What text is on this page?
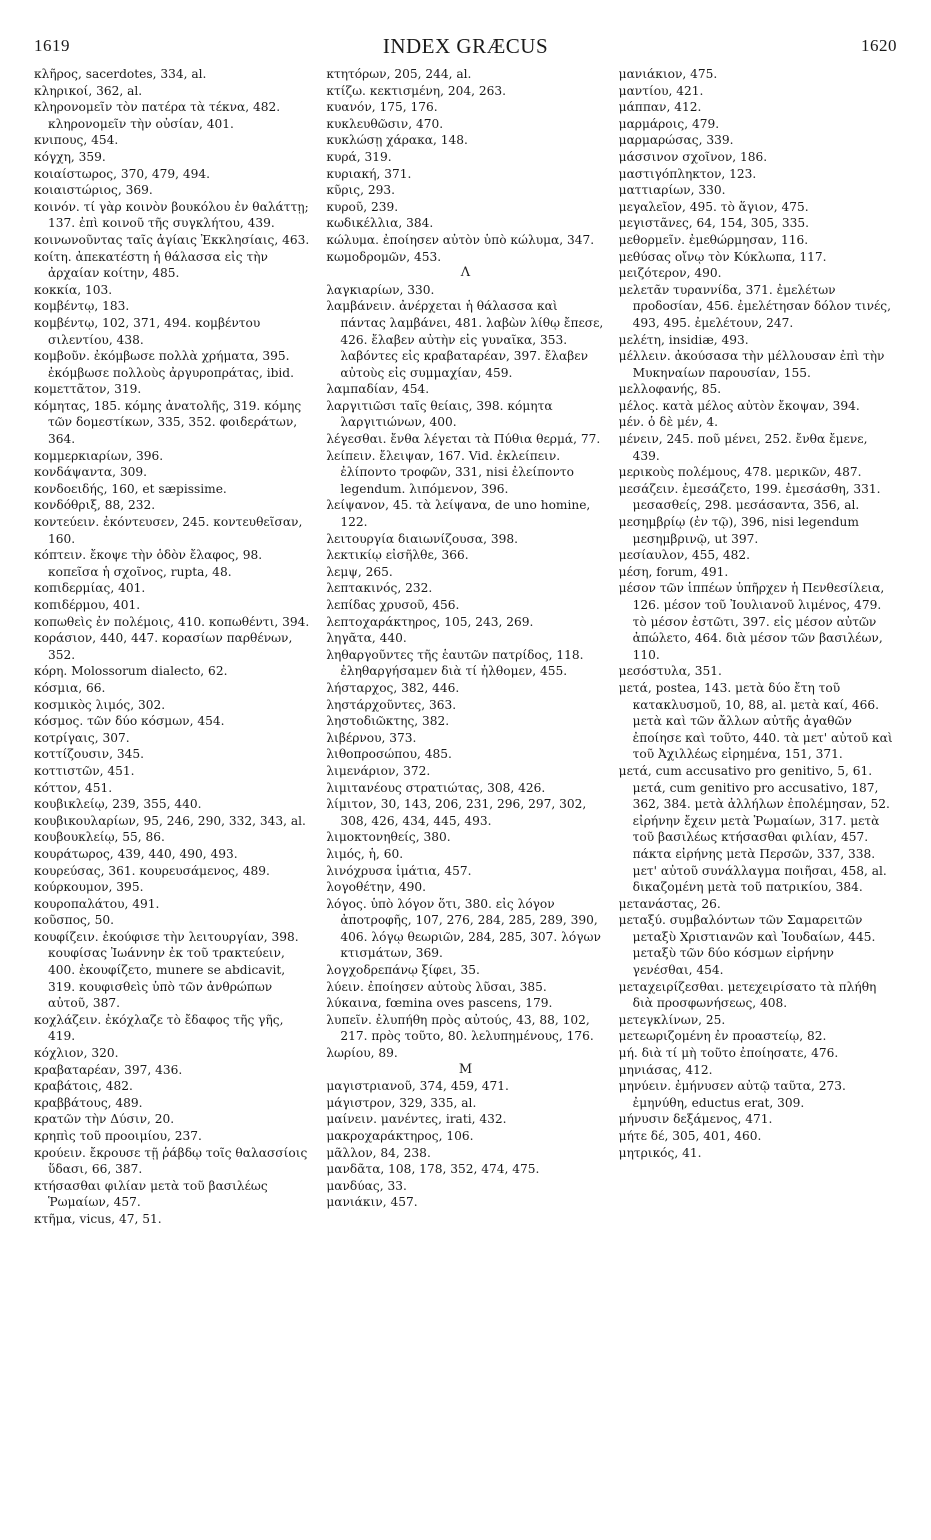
1619	INDEX GRÆCUS	1620

κλῆρος, sacerdotes, 334, al.

κληρικοί, 362, al.

κληρονομεῖν τὸν πατέρα τὰ τέκνα, 482. κληρονομεῖν τὴν οὐσίαν, 401.

κνιπους, 454.

κόγχη, 359.

κοιαίστωρος, 370, 479, 494.

κοιαιστώριος, 369.

κοινόν. τί γὰρ κοινὸν βουκόλου ἐν θαλάττῃ; 137. ἐπὶ κοινοῦ τῆς συγκλήτου, 439.

κοινωνοῦντας ταῖς ἁγίαις Ἐκκλησίαις, 463.

κοίτη. ἀπεκατέστη ἡ θάλασσα εἰς τὴν ἀρχαίαν κοίτην, 485.

κοκκία, 103.

κομβέντῳ, 183.

κομβέντῳ, 102, 371, 494. κομβέντου σιλεντίου, 438.

κομβοῦν. ἐκόμβωσε πολλὰ χρήματα, 395. ἐκόμβωσε πολλοὺς ἀργυροπράτας, ibid.

κομεττᾶτον, 319.

κόμητας, 185. κόμης ἀνατολῆς, 319. κόμης τῶν δομεστίκων, 335, 352. φοιδεράτων, 364.

κομμερκιαρίων, 396.

κονδάψαντα, 309.

κονδοειδής, 160, et sæpissime.

κονδόθριξ, 88, 232.

κοντεύειν. ἐκόντευσεν, 245. κοντευθεῖσαν, 160.

κόπτειν. ἔκοψε τὴν ὁδὸν ἔλαφος, 98. κοπεῖσα ἡ σχοῖνος, rupta, 48.

κοπιδερμίας, 401.

κοπιδέρμου, 401.

κοπωθεὶς ἐν πολέμοις, 410. κοπωθέντι, 394.

κοράσιον, 440, 447. κορασίων παρθένων, 352.

κόρη. Molossorum dialecto, 62.

κόσμια, 66.

κοσμικὸς λιμός, 302.

κόσμος. τῶν δύο κόσμων, 454.

κοτρίγαις, 307.

κοττίζουσιν, 345.

κοττιστῶν, 451.

κόττον, 451.

κουβικλείῳ, 239, 355, 440.

κουβικουλαρίων, 95, 246, 290, 332, 343, al.

κουβουκλείῳ, 55, 86.

κουράτωρος, 439, 440, 490, 493.

κουρεύσας, 361. κουρευσάμενος, 489.

κούρκουμον, 395.

κουροπαλάτου, 491.

κοῦσπος, 50.

κουφίζειν. ἐκούφισε τὴν λειτουργίαν, 398. κουφίσας Ἰωάννην ἐκ τοῦ τρακτεύειν, 400. ἐκουφίζετο, munere se abdicavit, 319. κουφισθεὶς ὑπὸ τῶν ἀνθρώπων αὐτοῦ, 387.

κοχλάζειν. ἐκόχλαζε τὸ ἔδαφος τῆς γῆς, 419.

κόχλιον, 320.

κραβαταρέαν, 397, 436.

κραβάτοις, 482.

κραββάτους, 489.

κρατῶν τὴν Δύσιν, 20.

κρηπὶς τοῦ προοιμίου, 237.

κρούειν. ἔκρουσε τῇ ῥάβδῳ τοῖς θαλασσίοις ὕδασι, 66, 387.

κτήσασθαι φιλίαν μετὰ τοῦ βασιλέως Ῥωμαίων, 457.

κτῆμα, vicus, 47, 51.

κτητόρων, 205, 244, al.

κτίζω. κεκτισμένη, 204, 263.

κυανόν, 175, 176.

κυκλευθῶσιν, 470.

κυκλώσῃ χάρακα, 148.

κυρά, 319.

κυριακή, 371.

κῦρις, 293.

κυροῦ, 239.

κωδικέλλια, 384.

κώλυμα. ἐποίησεν αὐτὸν ὑπὸ κώλυμα, 347.

κωμοδρομῶν, 453.

Λ

λαγκιαρίων, 330.

λαμβάνειν. ἀνέρχεται ἡ θάλασσα καὶ πάντας λαμβάνει, 481. λαβὼν λίθῳ ἔπεσε, 426. ἔλαβεν αὐτὴν εἰς γυναῖκα, 353. λαβόντες εἰς κραβαταρέαν, 397. ἔλαβεν αὐτοὺς εἰς συμμαχίαν, 459.

λαμπαδίαν, 454.

λαργιτιῶσι ταῖς θείαις, 398. κόμητα λαργιτιώνων, 400.

λέγεσθαι. ἔνθα λέγεται τὰ Πύθια θερμά, 77.

λείπειν. ἔλειψαν, 167. Vid. ἐκλείπειν. ἐλίποντο τροφῶν, 331, nisi ἐλείποντο legendum. λιπόμενον, 396.

λείψανον, 45. τὰ λείψανα, de uno homine, 122.

λειτουργία διαιωνίζουσα, 398.

λεκτικίῳ εἰσῆλθε, 366.

λεμψ, 265.

λεπτακινός, 232.

λεπίδας χρυσοῦ, 456.

λεπτοχαράκτηρος, 105, 243, 269.

ληγᾶτα, 440.

ληθαργοῦντες τῆς ἑαυτῶν πατρίδος, 118. ἐληθαργήσαμεν διὰ τί ἠλθομεν, 455.

λήσταρχος, 382, 446.

ληστάρχοῦντες, 363.

ληστοδιῶκτης, 382.

λιβέρνου, 373.

λιθοπροσώπου, 485.

λιμενάριον, 372.

λιμιτανέους στρατιώτας, 308, 426.

λίμιτον, 30, 143, 206, 231, 296, 297, 302, 308, 426, 434, 445, 493.

λιμοκτονηθείς, 380.

λιμός, ἡ, 60.

λινόχρυσα ἱμάτια, 457.

λογοθέτην, 490.

λόγος. ὑπὸ λόγον ὅτι, 380. εἰς λόγον ἀποτροφῆς, 107, 276, 284, 285, 289, 390, 406. λόγῳ θεωριῶν, 284, 285, 307. λόγων κτισμάτων, 369.

λογχοδρεπάνῳ ξίφει, 35.

λύειν. ἐποίησεν αὐτοὺς λῦσαι, 385.

λύκαινα, fœmina oves pascens, 179.

λυπεῖν. ἐλυπήθη πρὸς αὐτούς, 43, 88, 102, 217. πρὸς τοῦτο, 80. λελυπημένους, 176.

λωρίου, 89.

Μ

μαγιστριανοῦ, 374, 459, 471.

μάγιστρον, 329, 335, al.

μαίνειν. μανέντες, irati, 432.

μακροχαράκτηρος, 106.

μᾶλλον, 84, 238.

μανδᾶτα, 108, 178, 352, 474, 475.

μανδύας, 33.

μανιάκιν, 457.

μανιάκιον, 475.

μαντίου, 421.

μάππαν, 412.

μαρμάροις, 479.

μαρμαρώσας, 339.

μάσσινον σχοῖνον, 186.

μαστιγόπληκτον, 123.

ματτιαρίων, 330.

μεγαλεῖον, 495. τὸ ἅγιον, 475.

μεγιστᾶνες, 64, 154, 305, 335.

μεθορμεῖν. ἐμεθώρμησαν, 116.

μεθύσας οἴνῳ τὸν Κύκλωπα, 117.

μειζότερον, 490.

μελετᾶν τυραννίδα, 371. ἐμελέτων προδοσίαν, 456. ἐμελέτησαν δόλον τινές, 493, 495. ἐμελέτουν, 247.

μελέτη, insidiæ, 493.

μέλλειν. ἀκούσασα τὴν μέλλουσαν ἐπὶ τὴν Μυκηναίων παρουσίαν, 155.

μελλοφανής, 85.

μέλος. κατὰ μέλος αὐτὸν ἔκοψαν, 394.

μέν. ὁ δὲ μέν, 4.

μένειν, 245. ποῦ μένει, 252. ἔνθα ἔμενε, 439.

μερικοὺς πολέμους, 478. μερικῶν, 487.

μεσάζειν. ἐμεσάζετο, 199. ἐμεσάσθη, 331. μεσασθείς, 298. μεσάσαντα, 356, al.

μεσημβρίῳ (ἐν τῷ), 396, nisi legendum μεσημβρινῷ, ut 397.

μεσίαυλον, 455, 482.

μέση, forum, 491.

μέσον τῶν ἱππέων ὑπῆρχεν ἡ Πενθεσίλεια, 126. μέσον τοῦ Ἰουλιανοῦ λιμένος, 479. τὸ μέσον ἐστῶτι, 397. εἰς μέσον αὐτῶν ἀπώλετο, 464. διὰ μέσον τῶν βασιλέων, 110.

μεσόστυλα, 351.

μετά, postea, 143. μετὰ δύο ἔτη τοῦ κατακλυσμοῦ, 10, 88, al. μετὰ καί, 466. μετὰ καὶ τῶν ἄλλων αὐτῆς ἀγαθῶν ἐποίησε καὶ τοῦτο, 440. τὰ μετ' αὐτοῦ καὶ τοῦ Ἀχιλλέως εἰρημένα, 151, 371.

μετά, cum accusativo pro genitivo, 5, 61. μετά, cum genitivo pro accusativo, 187, 362, 384. μετὰ ἀλλήλων ἐπολέμησαν, 52. εἰρήνην ἔχειν μετὰ Ῥωμαίων, 317. μετὰ τοῦ βασιλέως κτήσασθαι φιλίαν, 457. πάκτα εἰρήνης μετὰ Περσῶν, 337, 338. μετ' αὐτοῦ συνάλλαγμα ποιῆσαι, 458, al. δικαζομένη μετὰ τοῦ πατρικίου, 384.

μετανάστας, 26.

μεταξύ. συμβαλόντων τῶν Σαμαρειτῶν μεταξὺ Χριστιανῶν καὶ Ἰουδαίων, 445. μεταξὺ τῶν δύο κόσμων εἰρήνην γενέσθαι, 454.

μεταχειρίζεσθαι. μετεχειρίσατο τὰ πλήθη διὰ προσφωνήσεως, 408.

μετεγκλίνων, 25.

μετεωριζομένη ἐν προαστείῳ, 82.

μή. διὰ τί μὴ τοῦτο ἐποίησατε, 476.

μηνιάσας, 412.

μηνύειν. ἐμήνυσεν αὐτῷ ταῦτα, 273. ἐμηνύθη, eductus erat, 309.

μήνυσιν δεξάμενος, 471.

μήτε δέ, 305, 401, 460.

μητρικός, 41.
